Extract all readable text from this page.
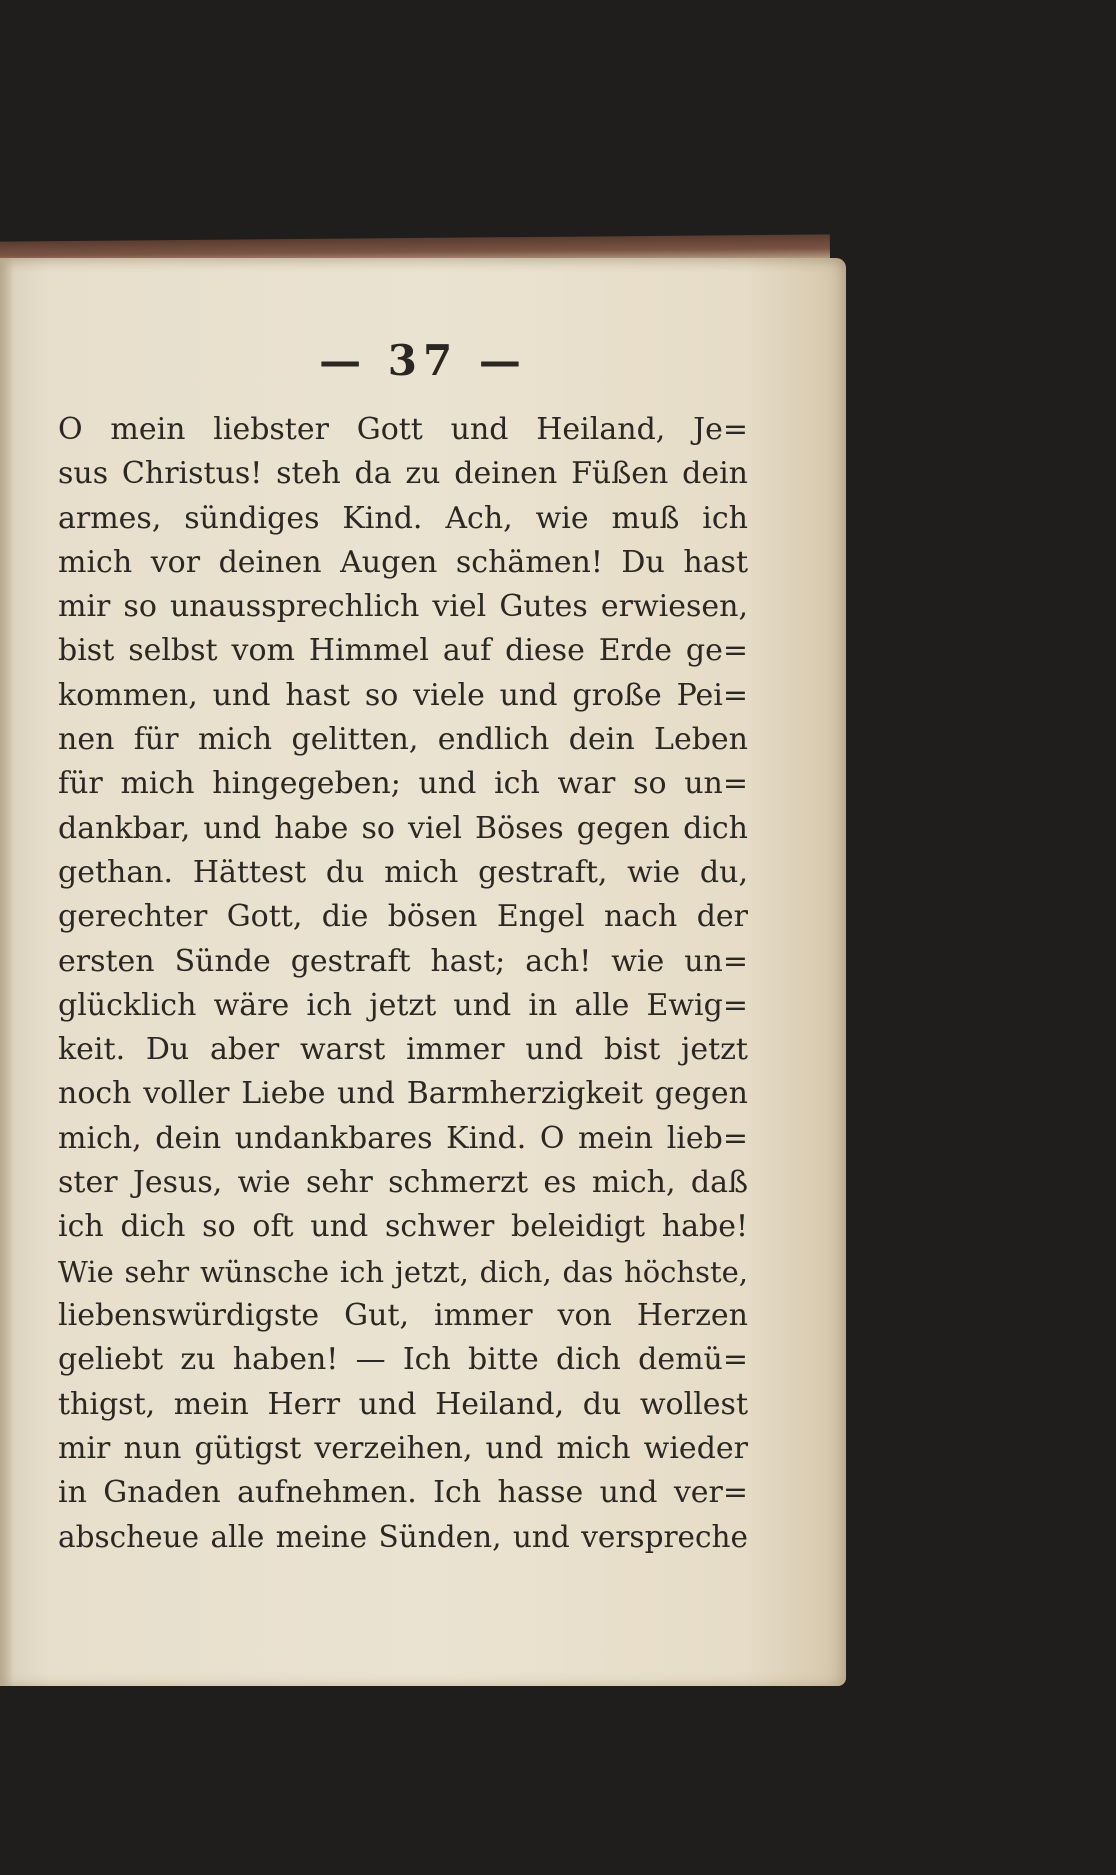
— 37 —
O mein liebster Gott und Heiland, Je=
sus Christus! steh da zu deinen Füßen dein
armes, sündiges Kind. Ach, wie muß ich
mich vor deinen Augen schämen! Du hast
mir so unaussprechlich viel Gutes erwiesen,
bist selbst vom Himmel auf diese Erde ge=
kommen, und hast so viele und große Pei=
nen für mich gelitten, endlich dein Leben
für mich hingegeben; und ich war so un=
dankbar, und habe so viel Böses gegen dich
gethan. Hättest du mich gestraft, wie du,
gerechter Gott, die bösen Engel nach der
ersten Sünde gestraft hast; ach! wie un=
glücklich wäre ich jetzt und in alle Ewig=
keit. Du aber warst immer und bist jetzt
noch voller Liebe und Barmherzigkeit gegen
mich, dein undankbares Kind. O mein lieb=
ster Jesus, wie sehr schmerzt es mich, daß
ich dich so oft und schwer beleidigt habe!
Wie sehr wünsche ich jetzt, dich, das höchste,
liebenswürdigste Gut, immer von Herzen
geliebt zu haben! — Ich bitte dich demü=
thigst, mein Herr und Heiland, du wollest
mir nun gütigst verzeihen, und mich wieder
in Gnaden aufnehmen. Ich hasse und ver=
abscheue alle meine Sünden, und verspreche
